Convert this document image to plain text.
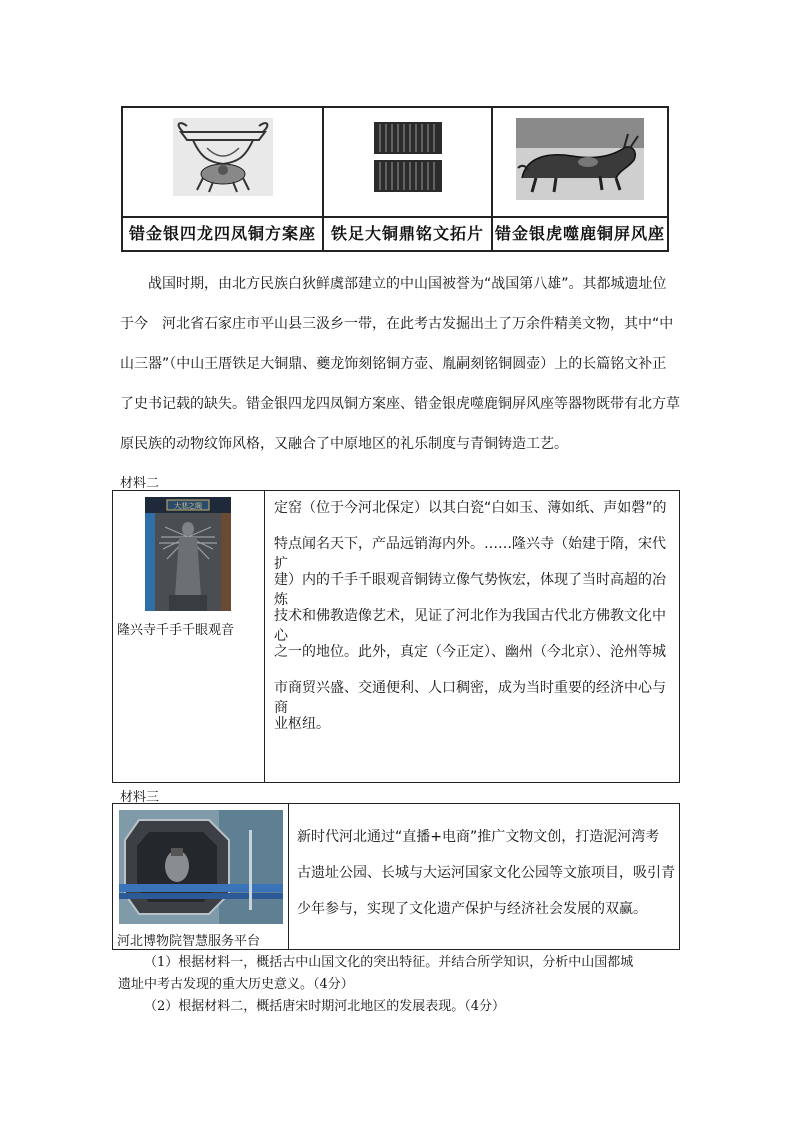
错金银四龙四凤铜方案座 铁足大铜鼎铭文拓片 错金银虎噬鹿铜屏风座

战国时期，由北方民族白狄鲜虞部建立的中山国被誉为“战国第八雄”。其都城遗址位

于今　河北省石家庄市平山县三汲乡一带，在此考古发掘出土了万余件精美文物，其中“中

山三器”（中山王厝铁足大铜鼎、夔龙饰刻铭铜方壶、胤嗣刻铭铜圆壶）上的长篇铭文补正

了史书记载的缺失。错金银四龙四凤铜方案座、错金银虎噬鹿铜屏风座等器物既带有北方草

原民族的动物纹饰风格，又融合了中原地区的礼乐制度与青铜铸造工艺。

材料二
大悲之阁
隆兴寺千手千眼观音
定窑（位于今河北保定）以其白瓷“白如玉、薄如纸、声如磬”的
特点闻名天下，产品远销海内外。……隆兴寺（始建于隋，宋代扩
建）内的千手千眼观音铜铸立像气势恢宏，体现了当时高超的冶炼
技术和佛教造像艺术，见证了河北作为我国古代北方佛教文化中心
之一的地位。此外，真定（今正定）、幽州（今北京）、沧州等城
市商贸兴盛、交通便利、人口稠密，成为当时重要的经济中心与商
业枢纽。
材料三
河北博物院智慧服务平台
新时代河北通过“直播+电商”推广文物文创，打造泥河湾考
古遗址公园、长城与大运河国家文化公园等文旅项目，吸引青
少年参与，实现了文化遗产保护与经济社会发展的双赢。
（1）根据材料一，概括古中山国文化的突出特征。并结合所学知识，分析中山国都城
遗址中考古发现的重大历史意义。（4分）
（2）根据材料二，概括唐宋时期河北地区的发展表现。（4分）
